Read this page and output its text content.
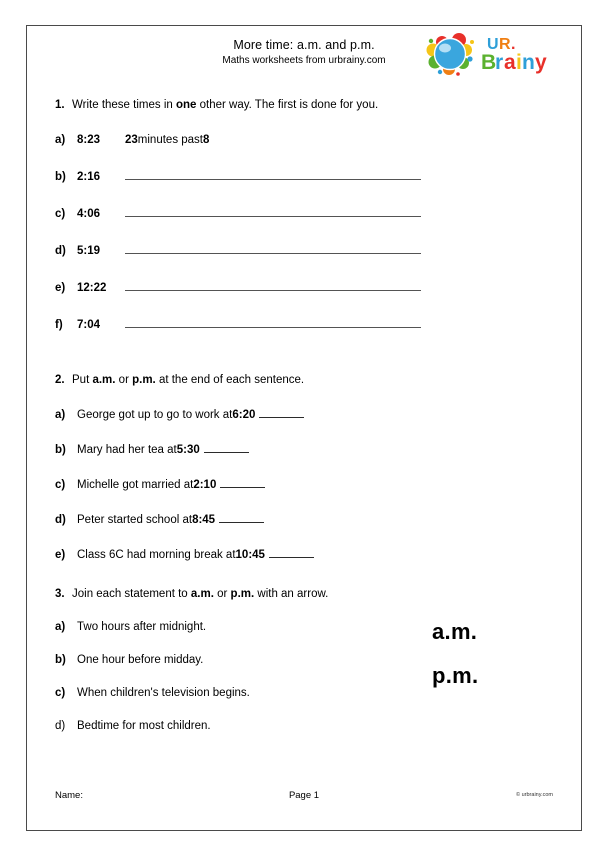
More time: a.m. and p.m.
Maths worksheets from urbrainy.com
U R .
B
r a i n y
1. Write these times in one other way. The first is done for you.
a)	8:23	23 minutes past 8
b) 2:16
c)	4:06
d) 5:19
e)	12:22
f)	7:04
2. Put a.m. or p.m. at the end of each sentence.
a)	George got up to go to work at 6:20
b) Mary had her tea at 5:30
c)	Michelle got married at 2:10
d) Peter started school at 8:45
e)	Class 6C had morning break at 10:45
3. Join each statement to a.m. or p.m. with an arrow.
a)	Two hours after midnight.
b) One hour before midday.
c)	When children's television begins.
d)	Bedtime for most children.
a.m.
p.m.
Name:	Page 1	© urbrainy.com
